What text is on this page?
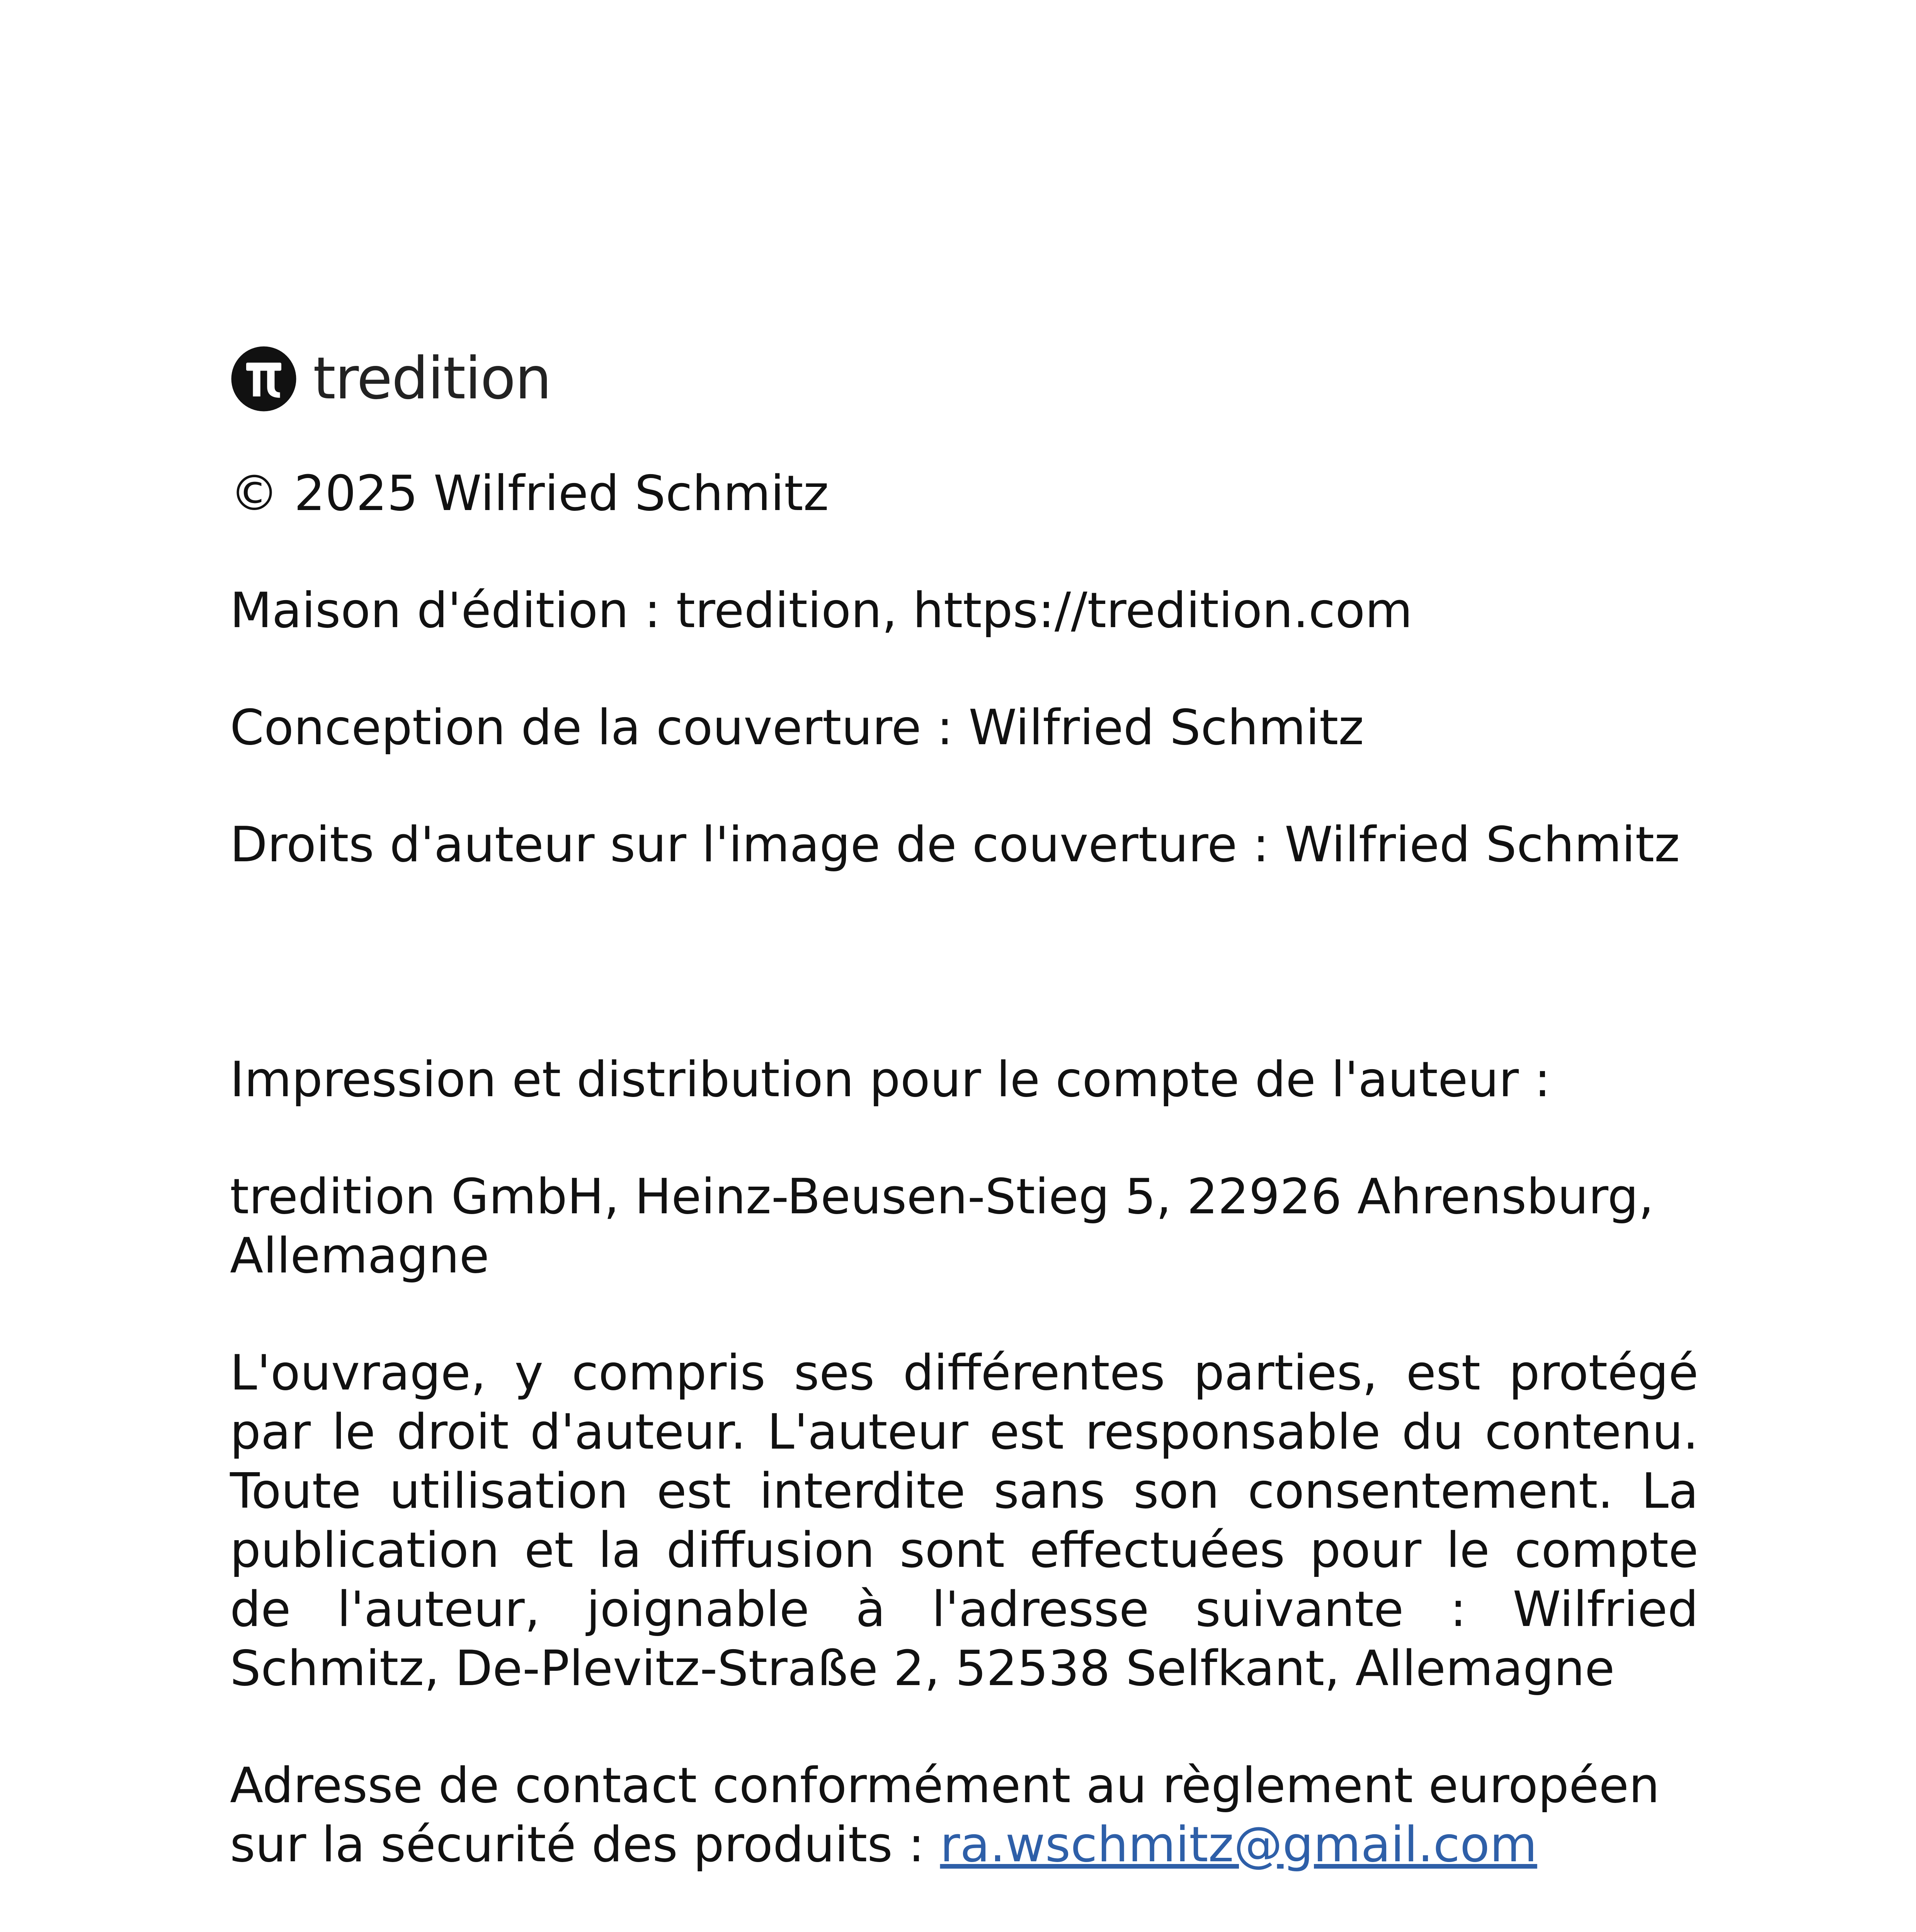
tredition

© 2025 Wilfried Schmitz

Maison d'édition : tredition, https://tredition.com

Conception de la couverture : Wilfried Schmitz

Droits d'auteur sur l'image de couverture : Wilfried Schmitz

Impression et distribution pour le compte de l'auteur :

tredition GmbH, Heinz-Beusen-Stieg 5, 22926 Ahrensburg, Allemagne

L'ouvrage, y compris ses différentes parties, est protégé par le droit d'auteur. L'auteur est responsable du contenu. Toute utilisation est interdite sans son consentement. La publication et la diffusion sont effectuées pour le compte de l'auteur, joignable à l'adresse suivante : Wilfried Schmitz, De-Plevitz-Straße 2, 52538 Selfkant, Allemagne

Adresse de contact conformément au règlement européen sur la sécurité des produits : ra.wschmitz@gmail.com
